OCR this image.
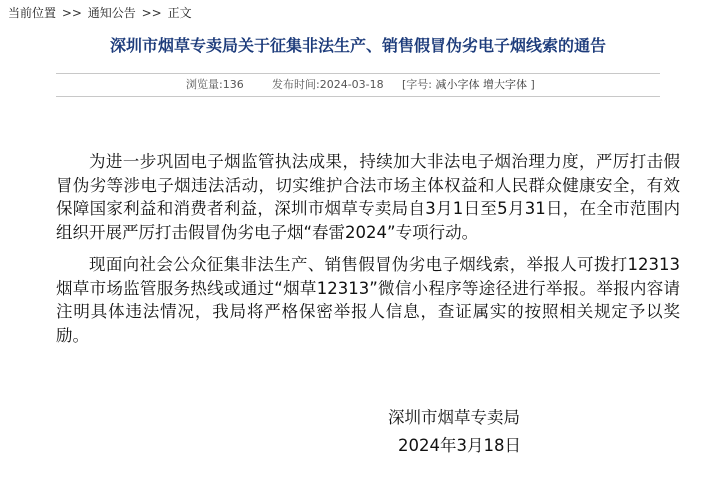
当前位置 >> 通知公告 >> 正文
深圳市烟草专卖局关于征集非法生产、销售假冒伪劣电子烟线索的通告
浏览量:136	发布时间:2024-03-18 [字号: 减小字体 增大字体 ]

为进一步巩固电子烟监管执法成果，持续加大非法电子烟治理力度，严厉打击假冒伪劣等涉电子烟违法活动，切实维护合法市场主体权益和人民群众健康安全，有效保障国家利益和消费者利益，深圳市烟草专卖局自3月1日至5月31日，在全市范围内组织开展严厉打击假冒伪劣电子烟“春雷2024”专项行动。

现面向社会公众征集非法生产、销售假冒伪劣电子烟线索，举报人可拨打12313烟草市场监管服务热线或通过“烟草12313”微信小程序等途径进行举报。举报内容请注明具体违法情况，我局将严格保密举报人信息，查证属实的按照相关规定予以奖励。

深圳市烟草专卖局
2024年3月18日
